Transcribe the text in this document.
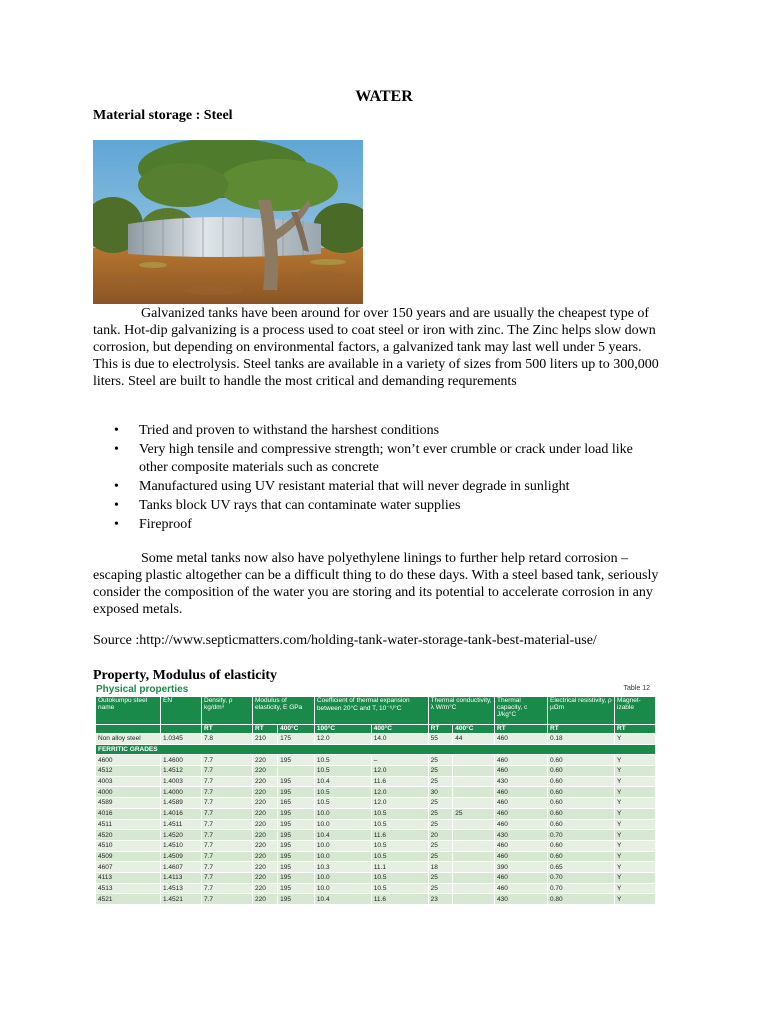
WATER

Material storage : Steel

Galvanized tanks have been around for over 150 years and are usually the cheapest type of tank. Hot-dip galvanizing is a process used to coat steel or iron with zinc. The Zinc helps slow down corrosion, but depending on environmental factors, a galvanized tank may last well under 5 years. This is due to electrolysis. Steel tanks are available in a variety of sizes from 500 liters up to 300,000 liters. Steel are built to handle the most critical and demanding requrements

• Tried and proven to withstand the harshest conditions
• Very high tensile and compressive strength; won’t ever crumble or crack under load like other composite materials such as concrete
• Manufactured using UV resistant material that will never degrade in sunlight
• Tanks block UV rays that can contaminate water supplies
• Fireproof

Some metal tanks now also have polyethylene linings to further help retard corrosion – escaping plastic altogether can be a difficult thing to do these days. With a steel based tank, seriously consider the composition of the water you are storing and its potential to accelerate corrosion in any exposed metals.

Source :http://www.septicmatters.com/holding-tank-water-storage-tank-best-material-use/

Property, Modulus of elasticity

Physical properties	Table 12
Outokumpu steel name	EN	Density, ρ kg/dm³	Modulus of elasticity, E GPa		Coefficient of thermal expansion between 20°C and T, 10⁻⁶/°C		Thermal conductivity, λ W/m°C		Thermal capacity, c J/kg°C	Electrical resistivity, ρ µΩm	Magnet-izable
		RT	RT	400°C	100°C	400°C	RT	400°C	RT	RT	RT
Non alloy steel	1.0345	7.8	210	175	12.0	14.0	55	44	460	0.18	Y
FERRITIC GRADES											
4600	1.4600	7.7	220	195	10.5	–	25		460	0.60	Y
4512	1.4512	7.7	220		10.5	12.0	25		460	0.60	Y
4003	1.4003	7.7	220	195	10.4	11.6	25		430	0.60	Y
4000	1.4000	7.7	220	195	10.5	12.0	30		460	0.60	Y
4589	1.4589	7.7	220	165	10.5	12.0	25		460	0.60	Y
4016	1.4016	7.7	220	195	10.0	10.5	25	25	460	0.60	Y
4511	1.4511	7.7	220	195	10.0	10.5	25		460	0.60	Y
4520	1.4520	7.7	220	195	10.4	11.6	20		430	0.70	Y
4510	1.4510	7.7	220	195	10.0	10.5	25		460	0.60	Y
4509	1.4509	7.7	220	195	10.0	10.5	25		460	0.60	Y
4607	1.4607	7.7	220	195	10.3	11.1	18		390	0.65	Y
4113	1.4113	7.7	220	195	10.0	10.5	25		460	0.70	Y
4513	1.4513	7.7	220	195	10.0	10.5	25		460	0.70	Y
4521	1.4521	7.7	220	195	10.4	11.6	23		430	0.80	Y
